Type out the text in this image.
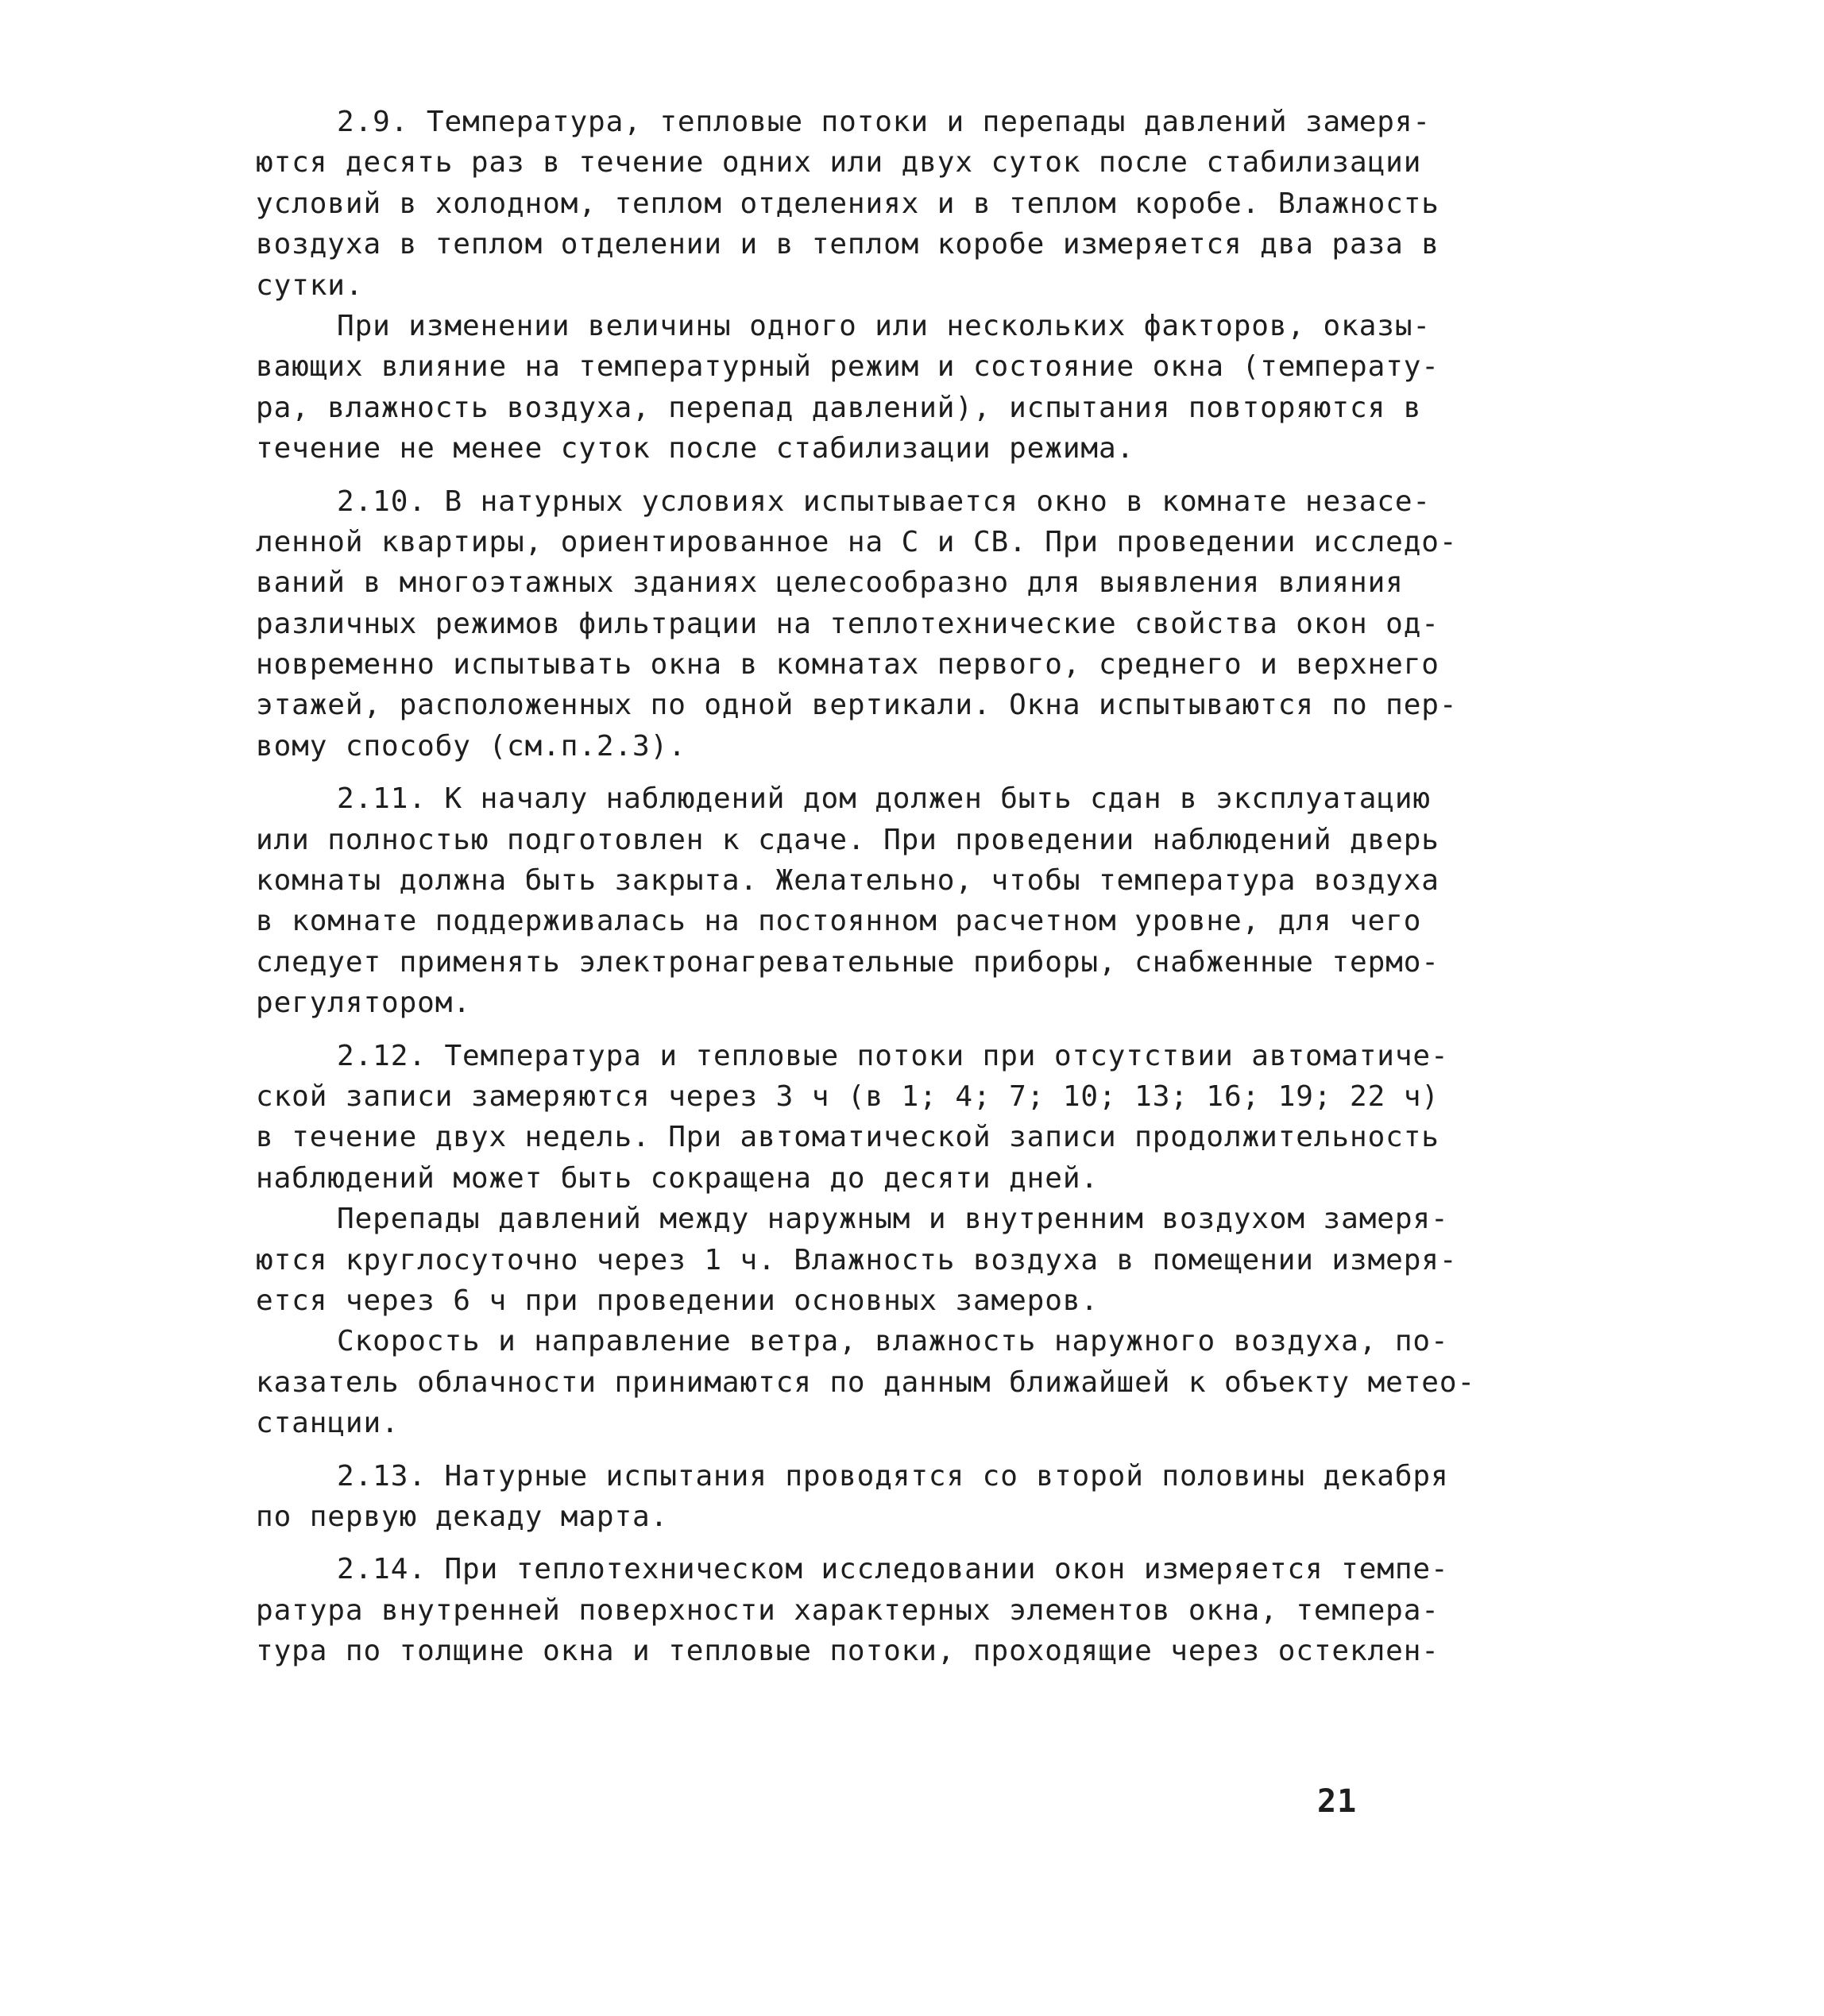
2.9. Температура, тепловые потоки и перепады давлений замеря-
ются десять раз в течение одних или двух суток после стабилизации
условий в холодном, теплом отделениях и в теплом коробе. Влажность
воздуха в теплом отделении и в теплом коробе измеряется два раза в
сутки.
При изменении величины одного или нескольких факторов, оказы-
вающих влияние на температурный режим и состояние окна (температу-
ра, влажность воздуха, перепад давлений), испытания повторяются в
течение не менее суток после стабилизации режима.
2.10. В натурных условиях испытывается окно в комнате незасе-
ленной квартиры, ориентированное на С и СВ. При проведении исследо-
ваний в многоэтажных зданиях целесообразно для выявления влияния
различных режимов фильтрации на теплотехнические свойства окон од-
новременно испытывать окна в комнатах первого, среднего и верхнего
этажей, расположенных по одной вертикали. Окна испытываются по пер-
вому способу (см.п.2.3).
2.11. К началу наблюдений дом должен быть сдан в эксплуатацию
или полностью подготовлен к сдаче. При проведении наблюдений дверь
комнаты должна быть закрыта. Желательно, чтобы температура воздуха
в комнате поддерживалась на постоянном расчетном уровне, для чего
следует применять электронагревательные приборы, снабженные термо-
регулятором.
2.12. Температура и тепловые потоки при отсутствии автоматиче-
ской записи замеряются через 3 ч (в 1; 4; 7; 10; 13; 16; 19; 22 ч)
в течение двух недель. При автоматической записи продолжительность
наблюдений может быть сокращена до десяти дней.
Перепады давлений между наружным и внутренним воздухом замеря-
ются круглосуточно через 1 ч. Влажность воздуха в помещении измеря-
ется через 6 ч при проведении основных замеров.
Скорость и направление ветра, влажность наружного воздуха, по-
казатель облачности принимаются по данным ближайшей к объекту метео-
станции.
2.13. Натурные испытания проводятся со второй половины декабря
по первую декаду марта.
2.14. При теплотехническом исследовании окон измеряется темпе-
ратура внутренней поверхности характерных элементов окна, темпера-
тура по толщине окна и тепловые потоки, проходящие через остеклен-
21
